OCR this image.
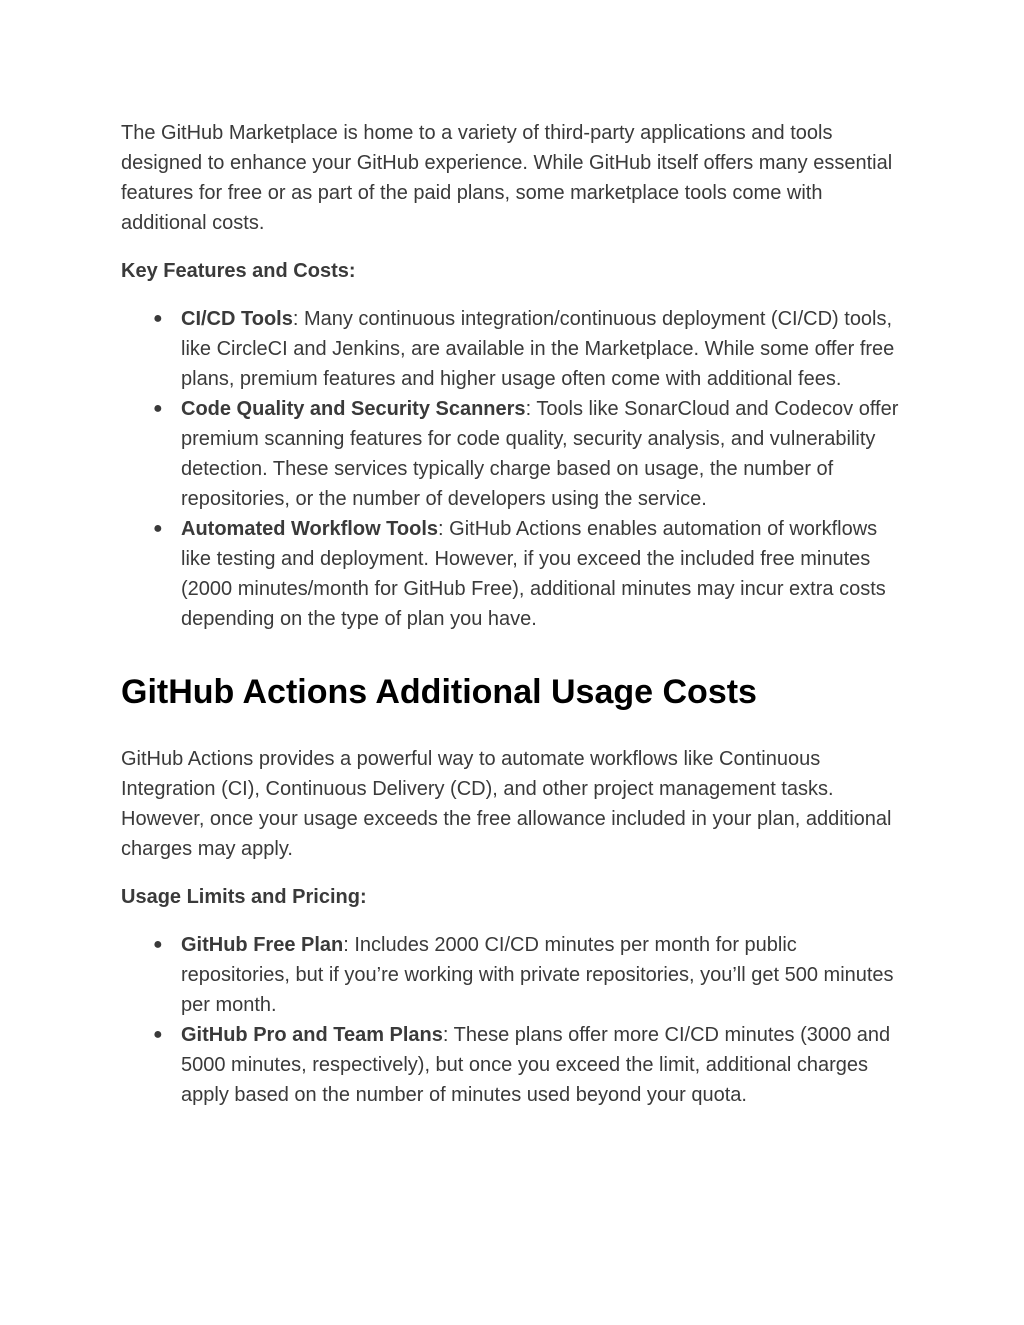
The GitHub Marketplace is home to a variety of third-party applications and tools designed to enhance your GitHub experience. While GitHub itself offers many essential features for free or as part of the paid plans, some marketplace tools come with additional costs.

Key Features and Costs:
● CI/CD Tools: Many continuous integration/continuous deployment (CI/CD) tools, like CircleCI and Jenkins, are available in the Marketplace. While some offer free plans, premium features and higher usage often come with additional fees.
● Code Quality and Security Scanners: Tools like SonarCloud and Codecov offer premium scanning features for code quality, security analysis, and vulnerability detection. These services typically charge based on usage, the number of repositories, or the number of developers using the service.
● Automated Workflow Tools: GitHub Actions enables automation of workflows like testing and deployment. However, if you exceed the included free minutes (2000 minutes/month for GitHub Free), additional minutes may incur extra costs depending on the type of plan you have.
GitHub Actions Additional Usage Costs

GitHub Actions provides a powerful way to automate workflows like Continuous Integration (CI), Continuous Delivery (CD), and other project management tasks. However, once your usage exceeds the free allowance included in your plan, additional charges may apply.

Usage Limits and Pricing:
● GitHub Free Plan: Includes 2000 CI/CD minutes per month for public repositories, but if you’re working with private repositories, you’ll get 500 minutes per month.
● GitHub Pro and Team Plans: These plans offer more CI/CD minutes (3000 and 5000 minutes, respectively), but once you exceed the limit, additional charges apply based on the number of minutes used beyond your quota.
